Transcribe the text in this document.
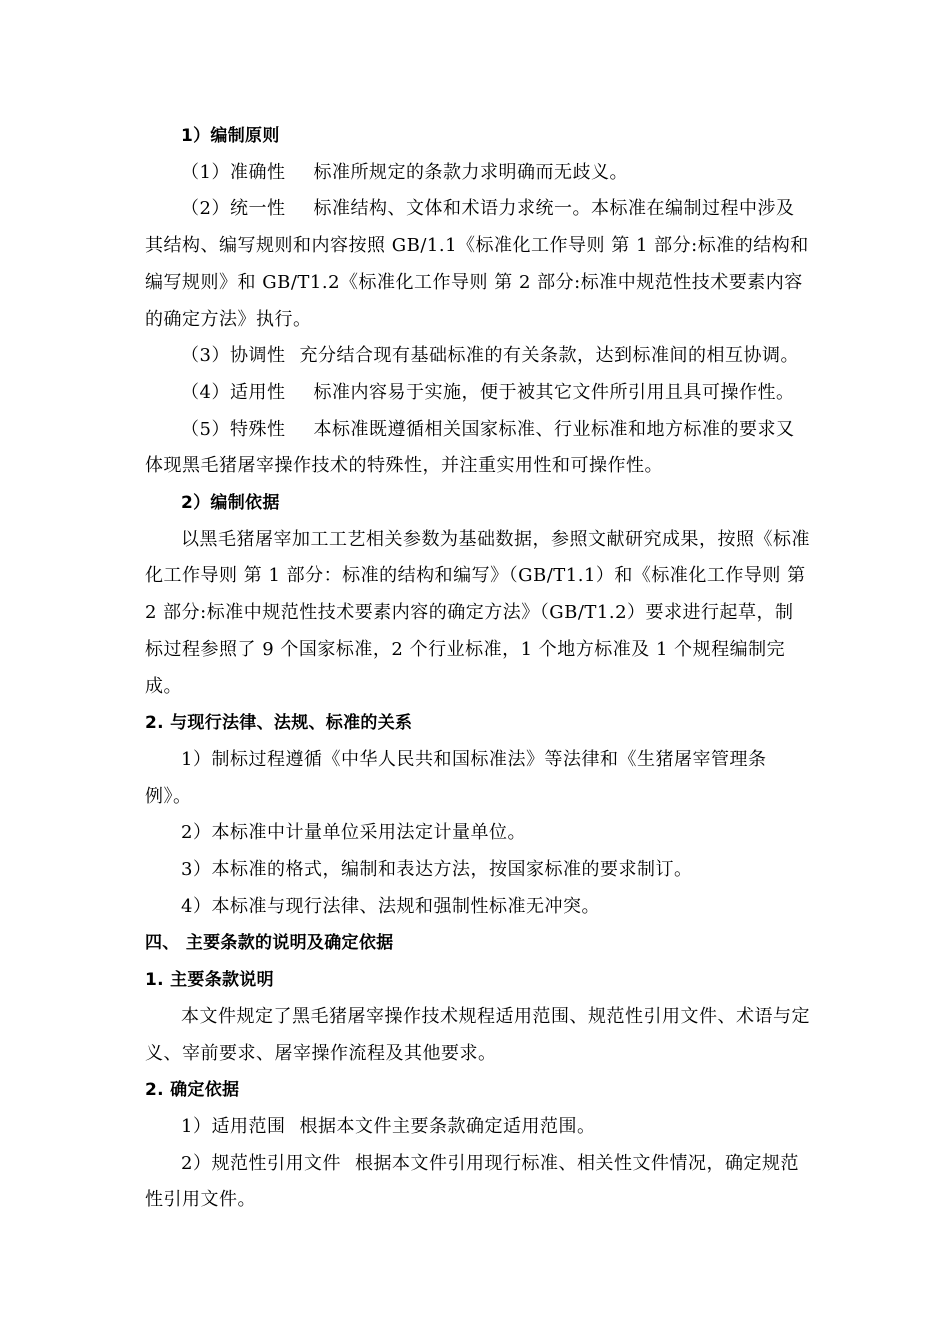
1）编制原则

（1）准确性 标准所规定的条款力求明确而无歧义。

（2）统一性 标准结构、文体和术语力求统一。本标准在编制过程中涉及其结构、编写规则和内容按照 GB/1.1《标准化工作导则 第 1 部分:标准的结构和编写规则》和 GB/T1.2《标准化工作导则 第 2 部分:标准中规范性技术要素内容的确定方法》执行。

（3）协调性 充分结合现有基础标准的有关条款，达到标准间的相互协调。

（4）适用性 标准内容易于实施，便于被其它文件所引用且具可操作性。

（5）特殊性 本标准既遵循相关国家标准、行业标准和地方标准的要求又体现黑毛猪屠宰操作技术的特殊性，并注重实用性和可操作性。

2）编制依据

以黑毛猪屠宰加工工艺相关参数为基础数据，参照文献研究成果，按照《标准化工作导则 第 1 部分：标准的结构和编写》（GB/T1.1）和《标准化工作导则 第 2 部分:标准中规范性技术要素内容的确定方法》（GB/T1.2）要求进行起草，制标过程参照了 9 个国家标准，2 个行业标准，1 个地方标准及 1 个规程编制完成。

2. 与现行法律、法规、标准的关系

1）制标过程遵循《中华人民共和国标准法》等法律和《生猪屠宰管理条例》。

2）本标准中计量单位采用法定计量单位。

3）本标准的格式，编制和表达方法，按国家标准的要求制订。

4）本标准与现行法律、法规和强制性标准无冲突。

四、 主要条款的说明及确定依据

1. 主要条款说明

本文件规定了黑毛猪屠宰操作技术规程适用范围、规范性引用文件、术语与定义、宰前要求、屠宰操作流程及其他要求。

2. 确定依据

1）适用范围 根据本文件主要条款确定适用范围。

2）规范性引用文件 根据本文件引用现行标准、相关性文件情况，确定规范性引用文件。
